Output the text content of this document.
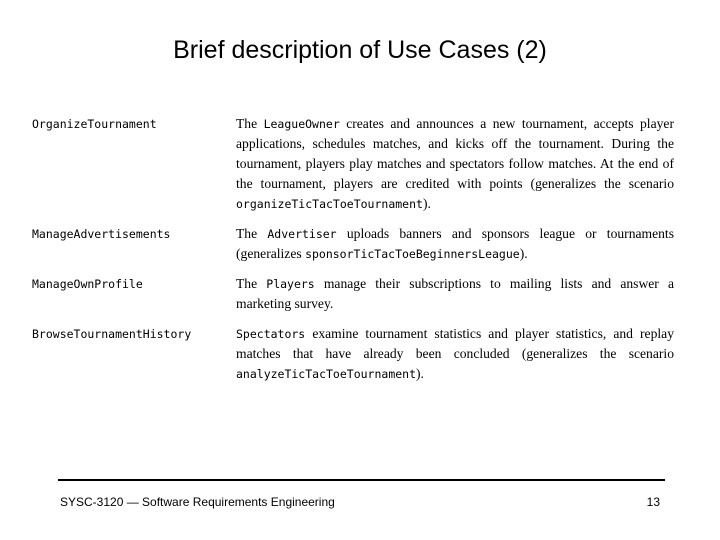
Brief description of Use Cases (2)
OrganizeTournament	The LeagueOwner creates and announces a new tournament, accepts player applications, schedules matches, and kicks off the tournament. During the tournament, players play matches and spectators follow matches. At the end of the tournament, players are credited with points (generalizes the scenario organizeTicTacToeTournament).
ManageAdvertisements	The Advertiser uploads banners and sponsors league or tournaments (generalizes sponsorTicTacToeBeginnersLeague).
ManageOwnProfile	The Players manage their subscriptions to mailing lists and answer a marketing survey.
BrowseTournamentHistory	Spectators examine tournament statistics and player statistics, and replay matches that have already been concluded (generalizes the scenario analyzeTicTacToeTournament).
SYSC-3120 — Software Requirements Engineering	13
